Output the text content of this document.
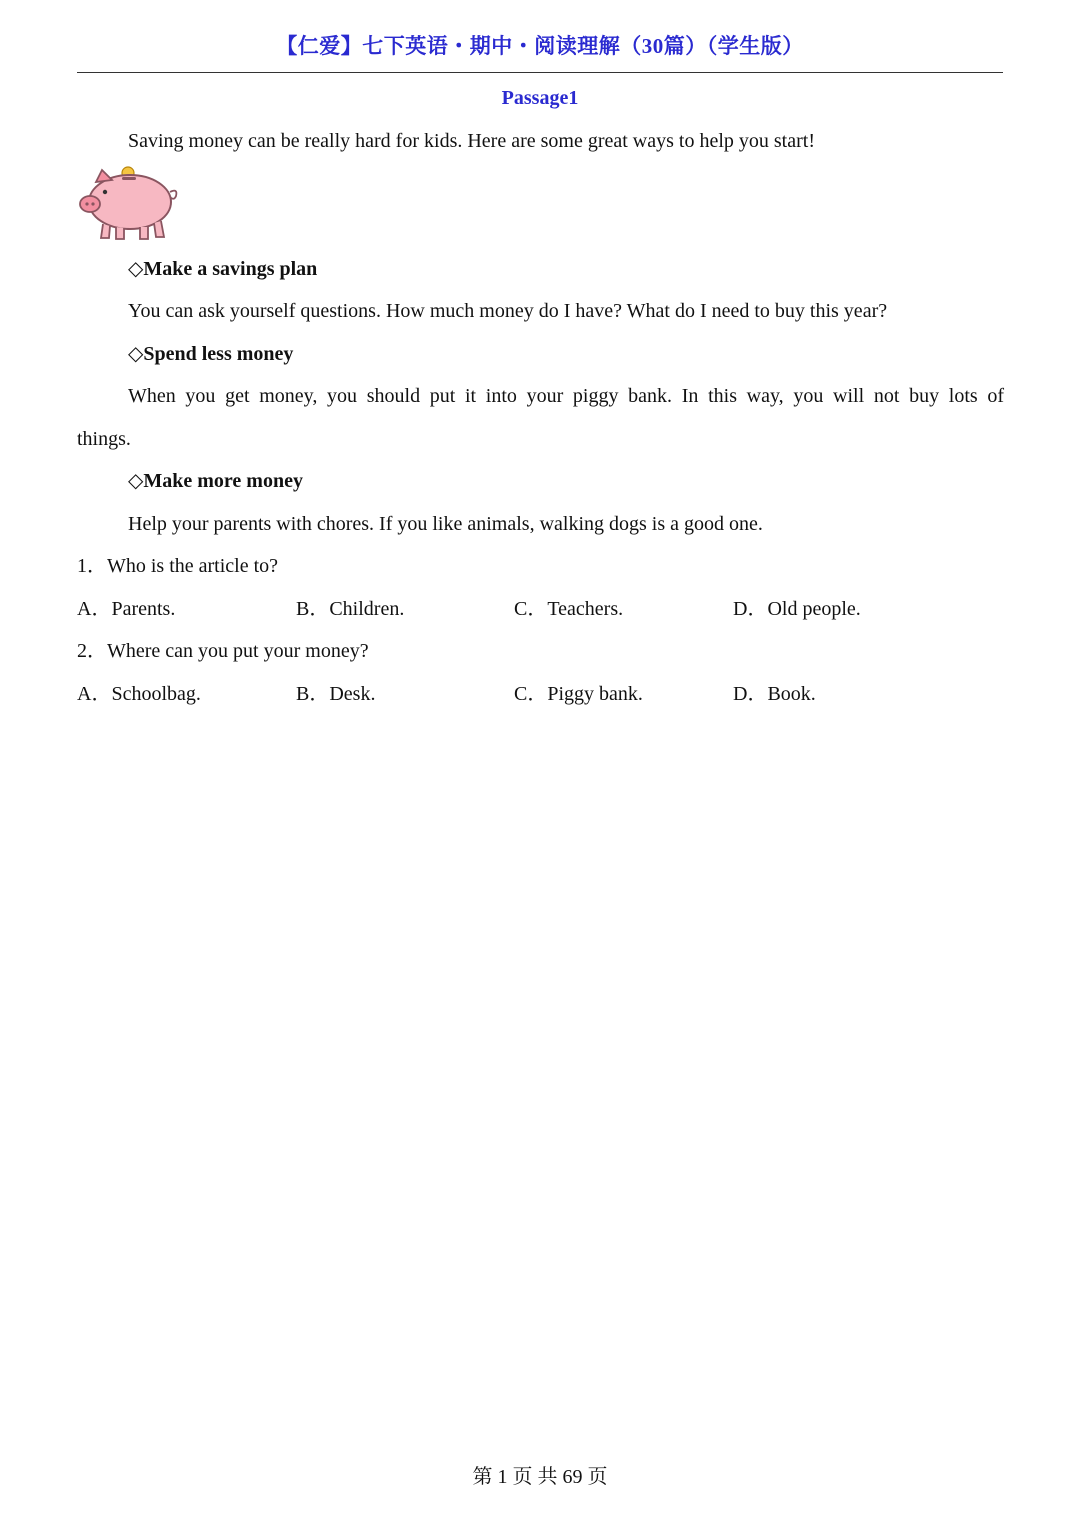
【仁爱】七下英语・期中・阅读理解（30篇）（学生版）
Passage1
Saving money can be really hard for kids. Here are some great ways to help you start!
◇Make a savings plan
You can ask yourself questions. How much money do I have? What do I need to buy this year?
◇Spend less money
When you get money, you should put it into your piggy bank. In this way, you will not buy lots of
things.
◇Make more money
Help your parents with chores. If you like animals, walking dogs is a good one.
1．Who is the article to?
A．Parents.	B．Children.	C．Teachers.	D．Old people.
2．Where can you put your money?
A．Schoolbag.	B．Desk.	C．Piggy bank.	D．Book.
第 1 页 共 69 页
